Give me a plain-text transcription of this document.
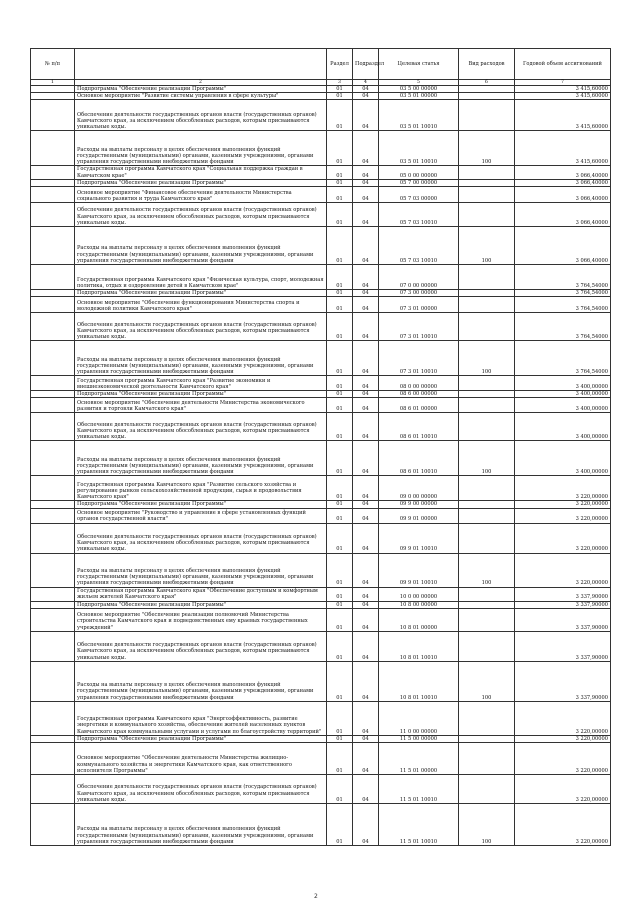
№ п/п		Раздел	Подраздел	Целевая статья	Вид расходов	Годовой объем ассигнований
1	2	3	4	5	6	7
	Подпрограмма "Обеспечение реализации Программы"	01	04	03 5 00 00000		3 415,60000
	Основное мероприятие "Развитие системы управления в сфере культуры"	01	04	03 5 01 00000		3 415,60000
	Обеспечение деятельности государственных органов власти (государственных органов) Камчатского края, за исключением обособленных расходов, которым присваиваются уникальные коды.	01	04	03 5 01 10010		3 415,60000
	Расходы на выплаты персоналу в целях обеспечения выполнения функций государственными (муниципальными) органами, казенными учреждениями, органами управления государственными внебюджетными фондами	01	04	03 5 01 10010	100	3 415,60000
	Государственная программа Камчатского края "Социальная поддержка граждан в Камчатском крае"	01	04	05 0 00 00000		3 066,40000
	Подпрограмма "Обеспечение реализации Программы"	01	04	05 7 00 00000		3 066,40000
	Основное мероприятие "Финансовое обеспечение деятельности Министерства социального развития и труда Камчатского края"	01	04	05 7 03 00000		3 066,40000
	Обеспечение деятельности государственных органов власти (государственных органов) Камчатского края, за исключением обособленных расходов, которым присваиваются уникальные коды.	01	04	05 7 03 10010		3 066,40000
	Расходы на выплаты персоналу в целях обеспечения выполнения функций государственными (муниципальными) органами, казенными учреждениями, органами управления государственными внебюджетными фондами	01	04	05 7 03 10010	100	3 066,40000
	Государственная программа Камчатского края "Физическая культура, спорт, молодежная политика, отдых и оздоровление детей в Камчатском крае"	01	04	07 0 00 00000		3 764,54000
	Подпрограмма "Обеспечение реализации Программы"	01	04	07 3 00 00000		3 764,54000
	Основное мероприятие "Обеспечение функционирования Министерства спорта и молодежной политики Камчатского края"	01	04	07 3 01 00000		3 764,54000
	Обеспечение деятельности государственных органов власти (государственных органов) Камчатского края, за исключением обособленных расходов, которым присваиваются уникальные коды.	01	04	07 3 01 10010		3 764,54000
	Расходы на выплаты персоналу в целях обеспечения выполнения функций государственными (муниципальными) органами, казенными учреждениями, органами управления государственными внебюджетными фондами	01	04	07 3 01 10010	100	3 764,54000
	Государственная программа Камчатского края "Развитие экономики и внешнеэкономической деятельности Камчатского края"	01	04	08 0 00 00000		3 400,00000
	Подпрограмма "Обеспечение реализации Программы"	01	04	08 6 00 00000		3 400,00000
	Основное мероприятие "Обеспечение деятельности Министерства экономического развития и торговли Камчатского края"	01	04	08 6 01 00000		3 400,00000
	Обеспечение деятельности государственных органов власти (государственных органов) Камчатского края, за исключением обособленных расходов, которым присваиваются уникальные коды.	01	04	08 6 01 10010		3 400,00000
	Расходы на выплаты персоналу в целях обеспечения выполнения функций государственными (муниципальными) органами, казенными учреждениями, органами управления государственными внебюджетными фондами	01	04	08 6 01 10010	100	3 400,00000
	Государственная программа Камчатского края "Развитие сельского хозяйства и регулирование рынков сельскохозяйственной продукции, сырья и продовольствия Камчатского края"	01	04	09 0 00 00000		3 220,00000
	Подпрограмма "Обеспечение реализации Программы"	01	04	09 9 00 00000		3 220,00000
	Основное мероприятие "Руководство и управление в сфере установленных функций органов государственной власти"	01	04	09 9 01 00000		3 220,00000
	Обеспечение деятельности государственных органов власти (государственных органов) Камчатского края, за исключением обособленных расходов, которым присваиваются уникальные коды.	01	04	09 9 01 10010		3 220,00000
	Расходы на выплаты персоналу в целях обеспечения выполнения функций государственными (муниципальными) органами, казенными учреждениями, органами управления государственными внебюджетными фондами	01	04	09 9 01 10010	100	3 220,00000
	Государственная программа Камчатского края "Обеспечение доступным и комфортным жильем жителей Камчатского края"	01	04	10 0 00 00000		3 337,90000
	Подпрограмма "Обеспечение реализации Программы"	01	04	10 8 00 00000		3 337,90000
	Основное мероприятие "Обеспечение реализации полномочий Министерства строительства Камчатского края и подведомственных ему краевых государственных учреждений"	01	04	10 8 01 00000		3 337,90000
	Обеспечение деятельности государственных органов власти (государственных органов) Камчатского края, за исключением обособленных расходов, которым присваиваются уникальные коды.	01	04	10 8 01 10010		3 337,90000
	Расходы на выплаты персоналу в целях обеспечения выполнения функций государственными (муниципальными) органами, казенными учреждениями, органами управления государственными внебюджетными фондами	01	04	10 8 01 10010	100	3 337,90000
	Государственная программа Камчатского края "Энергоэффективность, развитие энергетики и коммунального хозяйства, обеспечение жителей населенных пунктов Камчатского края коммунальными услугами и услугами по благоустройству территорий"	01	04	11 0 00 00000		3 220,00000
	Подпрограмма "Обеспечение реализации Программы"	01	04	11 5 00 00000		3 220,00000
	Основное мероприятие "Обеспечение деятельности Министерства жилищно-коммунального хозяйства и энергетики Камчатского края, как ответственного исполнителя Программы"	01	04	11 5 01 00000		3 220,00000
	Обеспечение деятельности государственных органов власти (государственных органов) Камчатского края, за исключением обособленных расходов, которым присваиваются уникальные коды.	01	04	11 5 01 10010		3 220,00000
	Расходы на выплаты персоналу в целях обеспечения выполнения функций государственными (муниципальными) органами, казенными учреждениями, органами управления государственными внебюджетными фондами	01	04	11 5 01 10010	100	3 220,00000
2
